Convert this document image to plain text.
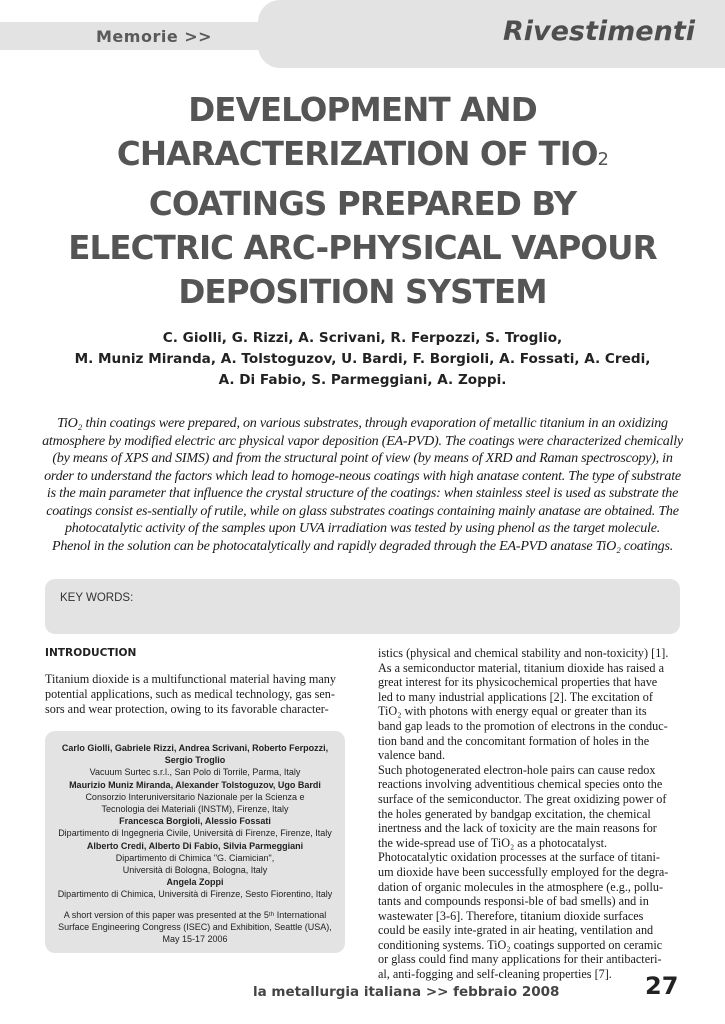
Memorie >>	Rivestimenti
DEVELOPMENT AND
CHARACTERIZATION OF TIO2
COATINGS PREPARED BY
ELECTRIC ARC-PHYSICAL VAPOUR
DEPOSITION SYSTEM
C. Giolli, G. Rizzi, A. Scrivani, R. Ferpozzi, S. Troglio,
M. Muniz Miranda, A. Tolstoguzov, U. Bardi, F. Borgioli, A. Fossati, A. Credi,
A. Di Fabio, S. Parmeggiani, A. Zoppi.
TiO₂ thin coatings were prepared, on various substrates, through evaporation of metallic titanium in an oxidizing
atmosphere by modified electric arc physical vapor deposition (EA-PVD). The coatings were characterized chemically
(by means of XPS and SIMS) and from the structural point of view (by means of XRD and Raman spectroscopy), in
order to understand the factors which lead to homoge-neous coatings with high anatase content. The type of substrate
is the main parameter that influence the crystal structure of the coatings: when stainless steel is used as substrate the
coatings consist es-sentially of rutile, while on glass substrates coatings containing mainly anatase are obtained. The
photocatalytic activity of the samples upon UVA irradiation was tested by using phenol as the target molecule.
Phenol in the solution can be photocatalytically and rapidly degraded through the EA-PVD anatase TiO₂ coatings.
KEY WORDS:
INTRODUCTION
Titanium dioxide is a multifunctional material having many
potential applications, such as medical technology, gas sen-
sors and wear protection, owing to its favorable character-
Carlo Giolli, Gabriele Rizzi, Andrea Scrivani, Roberto Ferpozzi,
Sergio Troglio
Vacuum Surtec s.r.l., San Polo di Torrile, Parma, Italy
Maurizio Muniz Miranda, Alexander Tolstoguzov, Ugo Bardi
Consorzio Interuniversitario Nazionale per la Scienza e
Tecnologia dei Materiali (INSTM), Firenze, Italy
Francesca Borgioli, Alessio Fossati
Dipartimento di Ingegneria Civile, Università di Firenze, Firenze, Italy
Alberto Credi, Alberto Di Fabio, Silvia Parmeggiani
Dipartimento di Chimica "G. Ciamician",
Università di Bologna, Bologna, Italy
Angela Zoppi
Dipartimento di Chimica, Università di Firenze, Sesto Fiorentino, Italy
A short version of this paper was presented at the 5ᵗʰ International
Surface Engineering Congress (ISEC) and Exhibition, Seattle (USA),
May 15-17 2006
istics (physical and chemical stability and non-toxicity) [1].
As a semiconductor material, titanium dioxide has raised a
great interest for its physicochemical properties that have
led to many industrial applications [2]. The excitation of
TiO₂ with photons with energy equal or greater than its
band gap leads to the promotion of electrons in the conduc-
tion band and the concomitant formation of holes in the
valence band.
Such photogenerated electron-hole pairs can cause redox
reactions involving adventitious chemical species onto the
surface of the semiconductor. The great oxidizing power of
the holes generated by bandgap excitation, the chemical
inertness and the lack of toxicity are the main reasons for
the wide-spread use of TiO₂ as a photocatalyst.
Photocatalytic oxidation processes at the surface of titani-
um dioxide have been successfully employed for the degra-
dation of organic molecules in the atmosphere (e.g., pollu-
tants and compounds responsi-ble of bad smells) and in
wastewater [3-6]. Therefore, titanium dioxide surfaces
could be easily inte-grated in air heating, ventilation and
conditioning systems. TiO₂ coatings supported on ceramic
or glass could find many applications for their antibacteri-
al, anti-fogging and self-cleaning properties [7].
la metallurgia italiana >> febbraio 2008	27
